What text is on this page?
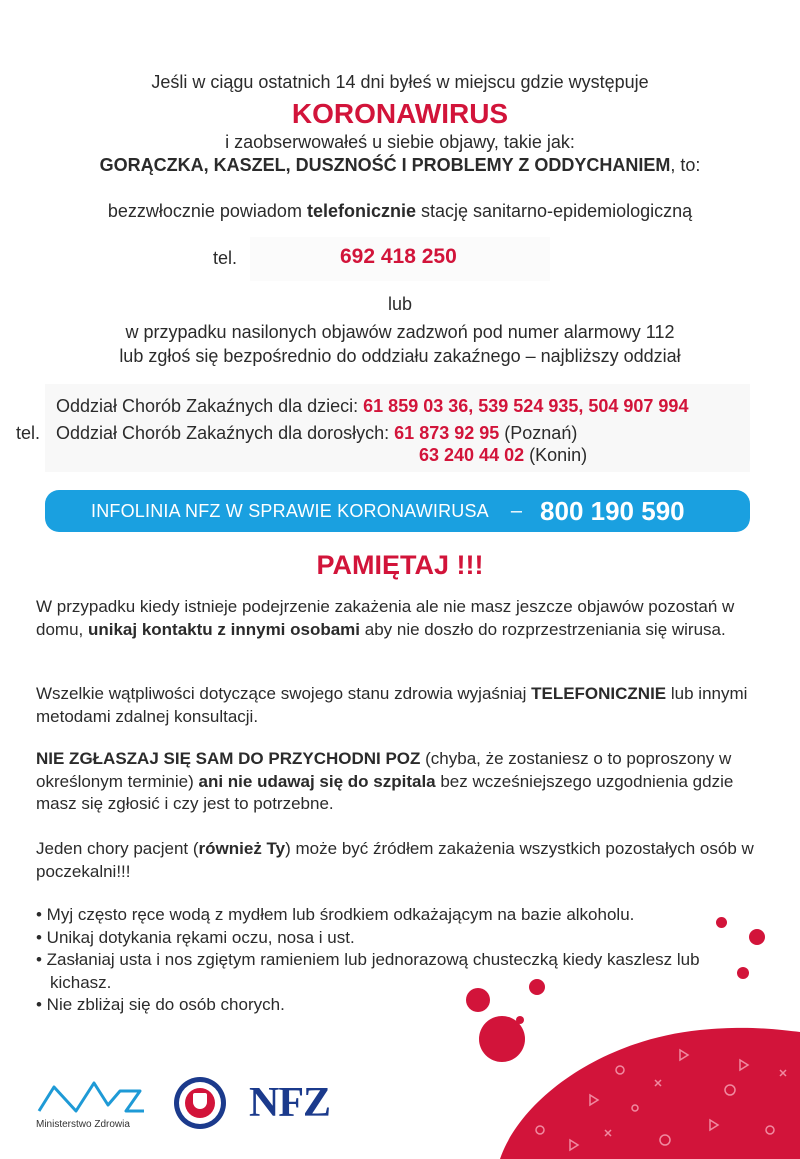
Jeśli w ciągu ostatnich 14 dni byłeś w miejscu gdzie występuje
KORONAWIRUS
i zaobserwowałeś u siebie objawy, takie jak:
GORĄCZKA, KASZEL, DUSZNOŚĆ I PROBLEMY Z ODDYCHANIEM, to:
bezzwłocznie powiadom telefonicznie stację sanitarno-epidemiologiczną
tel.	692 418 250
lub
w przypadku nasilonych objawów zadzwoń pod numer alarmowy 112
lub zgłoś się bezpośrednio do oddziału zakaźnego – najbliższy oddział
tel.
Oddział Chorób Zakaźnych dla dzieci: 61 859 03 36, 539 524 935, 504 907 994
Oddział Chorób Zakaźnych dla dorosłych: 61 873 92 95 (Poznań)
63 240 44 02 (Konin)
INFOLINIA NFZ W SPRAWIE KORONAWIRUSA – 800 190 590
PAMIĘTAJ !!!
W przypadku kiedy istnieje podejrzenie zakażenia ale nie masz jeszcze objawów pozostań w domu, unikaj kontaktu z innymi osobami aby nie doszło do rozprzestrzeniania się wirusa.
Wszelkie wątpliwości dotyczące swojego stanu zdrowia wyjaśniaj TELEFONICZNIE lub innymi metodami zdalnej konsultacji.
NIE ZGŁASZAJ SIĘ SAM DO PRZYCHODNI POZ (chyba, że zostaniesz o to poproszony w określonym terminie) ani nie udawaj się do szpitala bez wcześniejszego uzgodnienia gdzie masz się zgłosić i czy jest to potrzebne.
Jeden chory pacjent (również Ty) może być źródłem zakażenia wszystkich pozostałych osób w poczekalni!!!
• Myj często ręce wodą z mydłem lub środkiem odkażającym na bazie alkoholu.
• Unikaj dotykania rękami oczu, nosa i ust.
• Zasłaniaj usta i nos zgiętym ramieniem lub jednorazową chusteczką kiedy kaszlesz lub kichasz.
• Nie zbliżaj się do osób chorych.
Ministerstwo Zdrowia	NFZ
